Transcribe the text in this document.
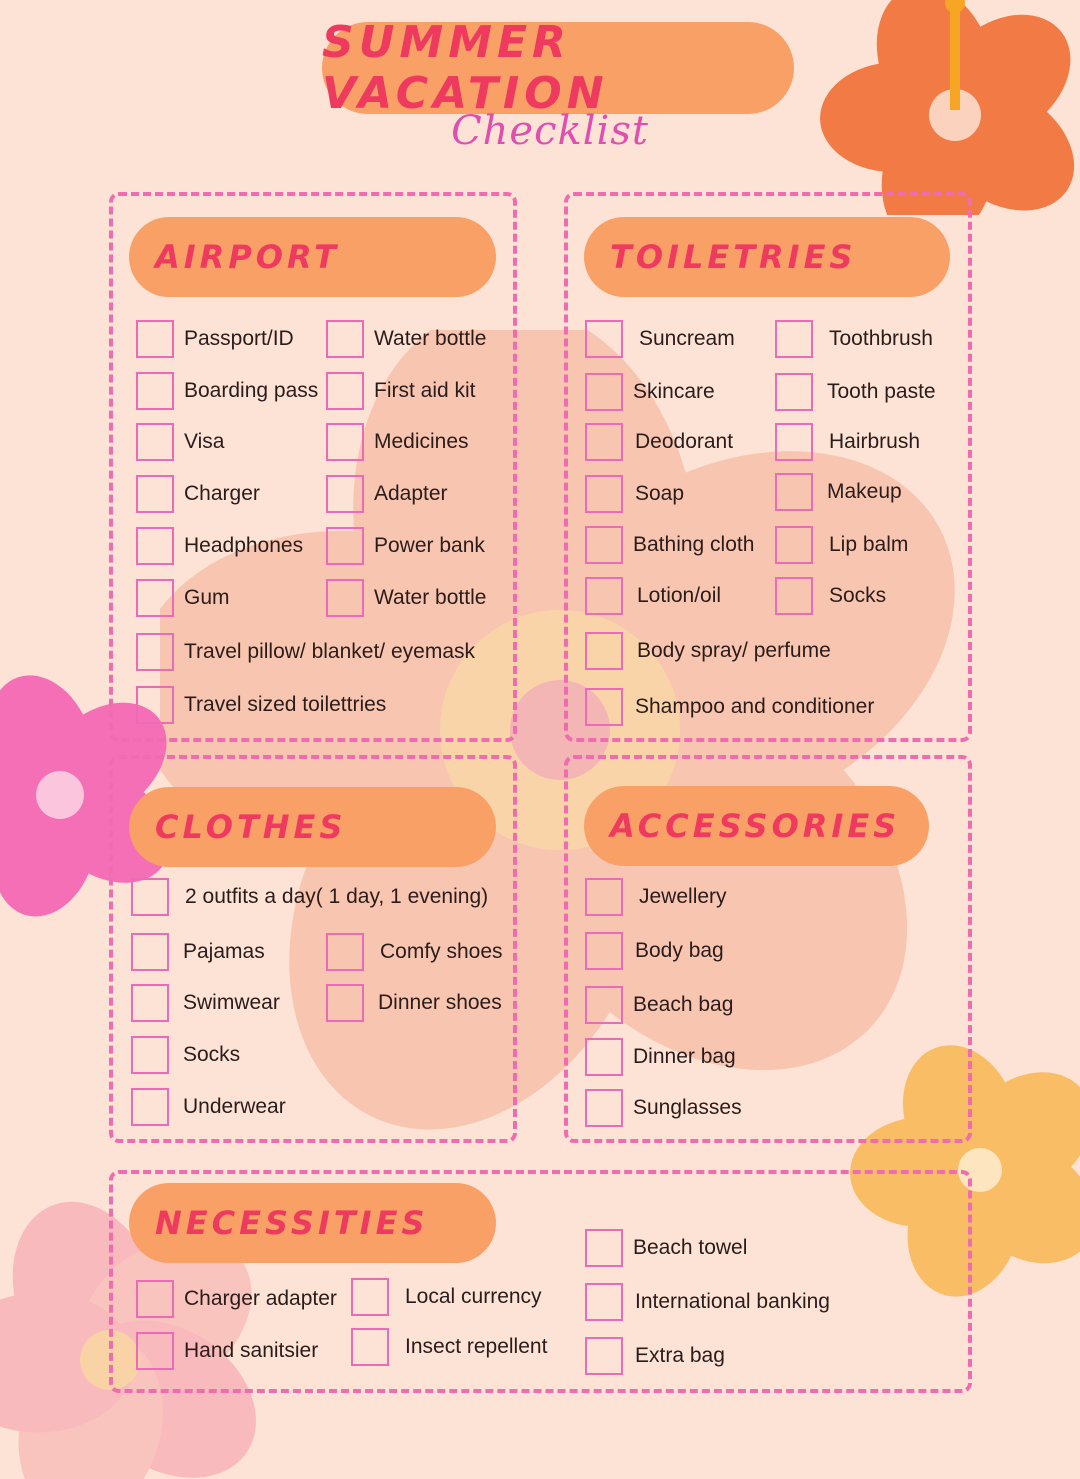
SUMMER VACATION
Checklist
AIRPORT	TOILETRIES
CLOTHES	ACCESSORIES
NECESSITIES
Passport/ID	Water bottle
Boarding pass	First aid kit
Visa	Medicines
Charger	Adapter
Headphones	Power bank
Gum	Water bottle
Travel pillow/ blanket/ eyemask
Travel sized toilettries
Suncream	Toothbrush
Skincare	Tooth paste
Deodorant	Hairbrush
Soap	Makeup
Bathing cloth	Lip balm
Lotion/oil	Socks
Body spray/ perfume
Shampoo and conditioner
2 outfits a day( 1 day, 1 evening)
Pajamas	Comfy shoes
Swimwear	Dinner shoes
Socks
Underwear
Jewellery
Body bag
Beach bag
Dinner bag
Sunglasses
Charger adapter	Local currency
Hand sanitsier	Insect repellent
Beach towel
International banking
Extra bag
